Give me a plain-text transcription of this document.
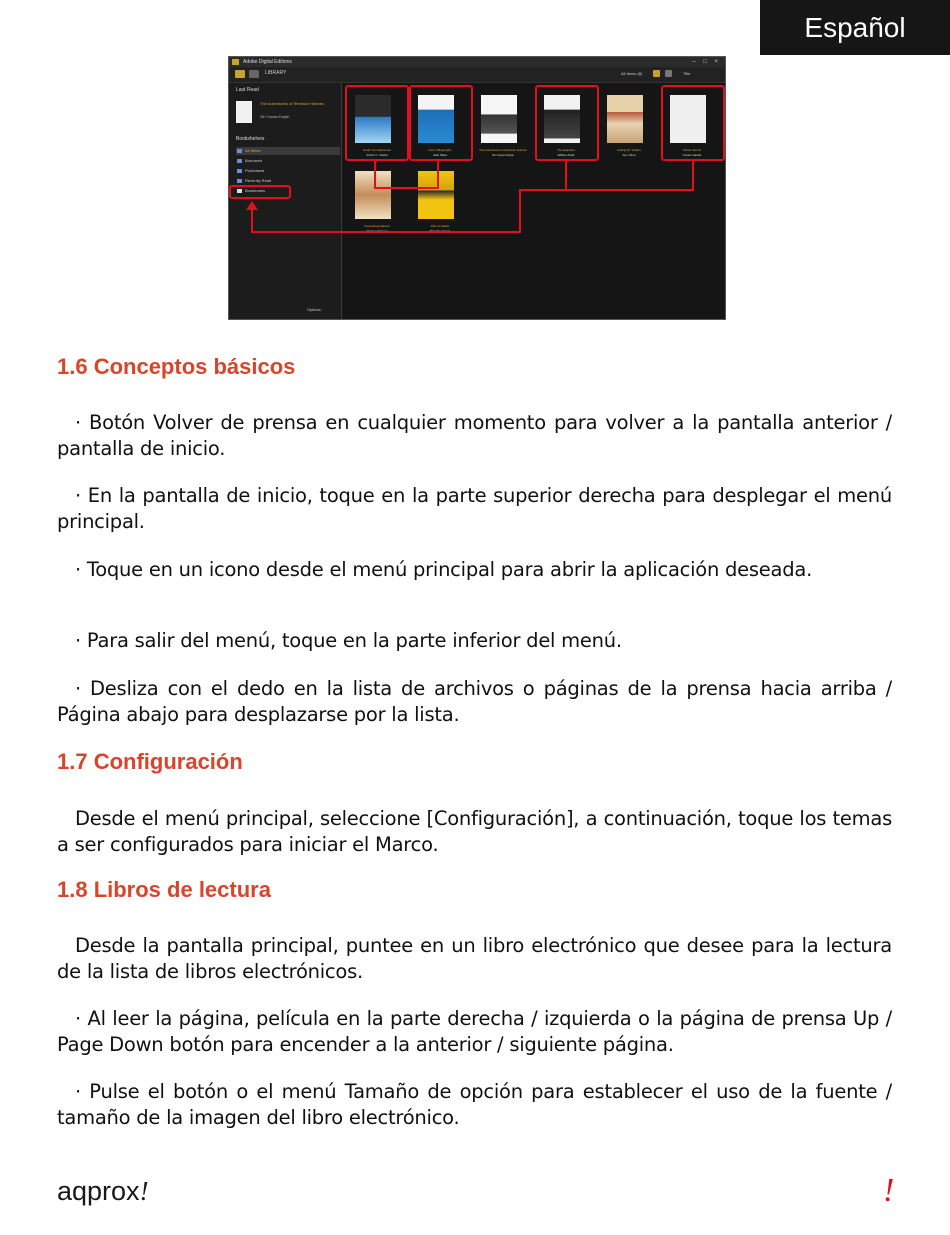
Español
Adobe Digital Editions	– □ ×
LIBRARY	All Items (8)	Title
Last Read
The Adventures of Sherlock Holmes
Sir Conan Doyle
Bookshelves
All Items
Borrowed
Purchased
Recently Read
Bookmarks
Options
Death of a Salesman
Arthur C. Clarke
God: A Biography
Jack Miles
The Adventures of Sherlock Holmes
Sir Conan Doyle
The Elephant
William Dahl
Calling Dr. Kildare
Ann Cline
Winter Words
Coram Hardie
Great Expectations	Plan of Attack
1.6 Conceptos básicos

· Botón Volver de prensa en cualquier momento para volver a la pantalla anterior / pantalla de inicio.

· En la pantalla de inicio, toque en la parte superior derecha para desplegar el menú principal.

· Toque en un icono desde el menú principal para abrir la aplicación deseada.

· Para salir del menú, toque en la parte inferior del menú.

· Desliza con el dedo en la lista de archivos o páginas de la prensa hacia arriba / Página abajo para desplazarse por la lista.

1.7 Configuración

Desde el menú principal, seleccione [Configuración], a continuación, toque los temas a ser configurados para iniciar el Marco.

1.8 Libros de lectura

Desde la pantalla principal, puntee en un libro electrónico que desee para la lectura de la lista de libros electrónicos.

· Al leer la página, película en la parte derecha / izquierda o la página de prensa Up / Page Down botón para encender a la anterior / siguiente página.

· Pulse el botón o el menú Tamaño de opción para establecer el uso de la fuente / tamaño de la imagen del libro electrónico.

aqprox!	!
